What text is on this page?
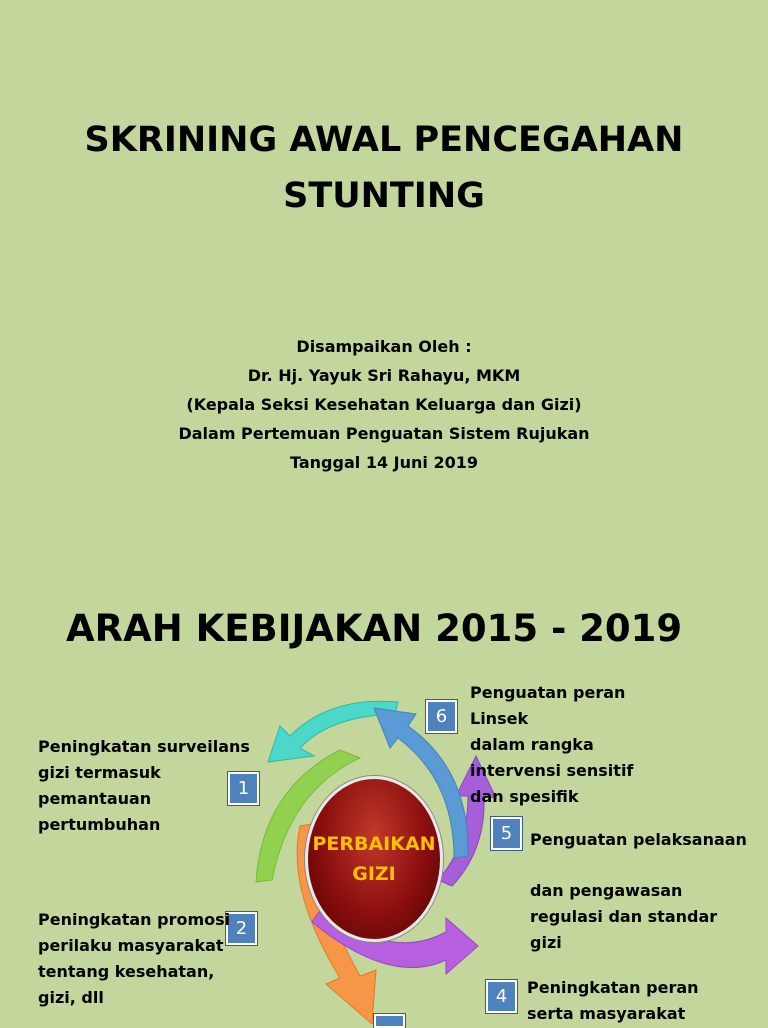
SKRINING AWAL PENCEGAHAN
STUNTING
Disampaikan Oleh :
Dr. Hj. Yayuk Sri Rahayu, MKM
(Kepala Seksi Kesehatan Keluarga dan Gizi)
Dalam Pertemuan Penguatan Sistem Rujukan
Tanggal 14 Juni 2019
ARAH KEBIJAKAN 2015 - 2019
PERBAIKAN
GIZI
1
2
4
5
6
Peningkatan surveilans
gizi termasuk
pemantauan
pertumbuhan
Peningkatan promosi
perilaku masyarakat
tentang kesehatan,
gizi, dll
Peningkatan peran
serta masyarakat
Penguatan pelaksanaan
dan pengawasan
regulasi dan standar
gizi
Penguatan peran
Linsek
dalam rangka
intervensi sensitif
dan spesifik
